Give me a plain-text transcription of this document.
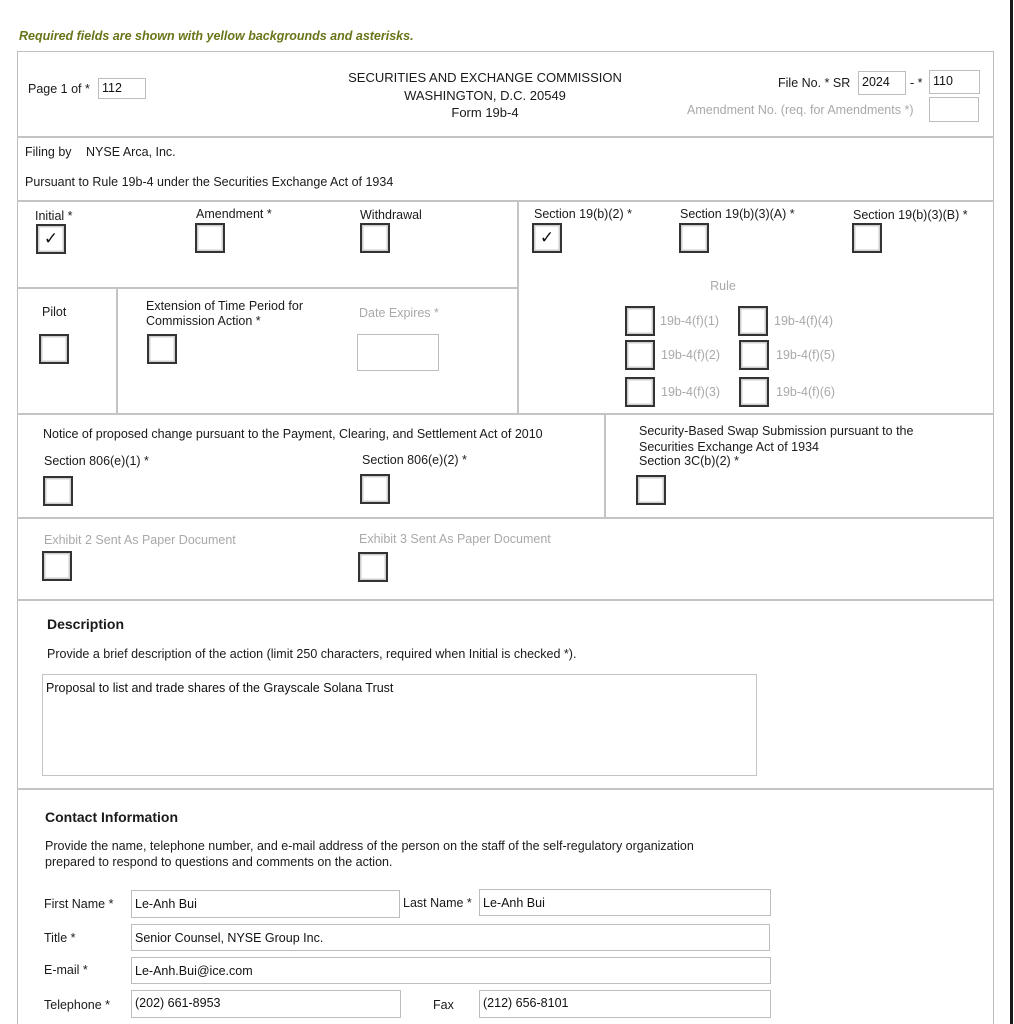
Required fields are shown with yellow backgrounds and asterisks.
Page 1 of * 112
SECURITIES AND EXCHANGE COMMISSION
WASHINGTON, D.C. 20549
Form 19b-4
File No. * SR 2024	- * 110
Amendment No. (req. for Amendments *)
Filing by NYSE Arca, Inc.
Pursuant to Rule 19b-4 under the Securities Exchange Act of 1934
Initial *
✓
Amendment *	Withdrawal	Section 19(b)(2) *
✓
Section 19(b)(3)(A) *	Section 19(b)(3)(B) *
Pilot	Extension of Time Period for
Commission Action *
Date Expires *
Rule
19b-4(f)(1)
19b-4(f)(2)
19b-4(f)(3)
19b-4(f)(4)
19b-4(f)(5)
19b-4(f)(6)
Notice of proposed change pursuant to the Payment, Clearing, and Settlement Act of 2010
Section 806(e)(1) *	Section 806(e)(2) *
Security-Based Swap Submission pursuant to the
Securities Exchange Act of 1934
Section 3C(b)(2) *
Exhibit 2 Sent As Paper Document	Exhibit 3 Sent As Paper Document
Description
Provide a brief description of the action (limit 250 characters, required when Initial is checked *).
Proposal to list and trade shares of the Grayscale Solana Trust
Contact Information
Provide the name, telephone number, and e-mail address of the person on the staff of the self-regulatory organization
prepared to respond to questions and comments on the action.
First Name *	Le-Anh Bui	Last Name * Le-Anh Bui
Title *	Senior Counsel, NYSE Group Inc.
E-mail *	Le-Anh.Bui@ice.com
Telephone *	(202) 661-8953	Fax	(212) 656-8101
